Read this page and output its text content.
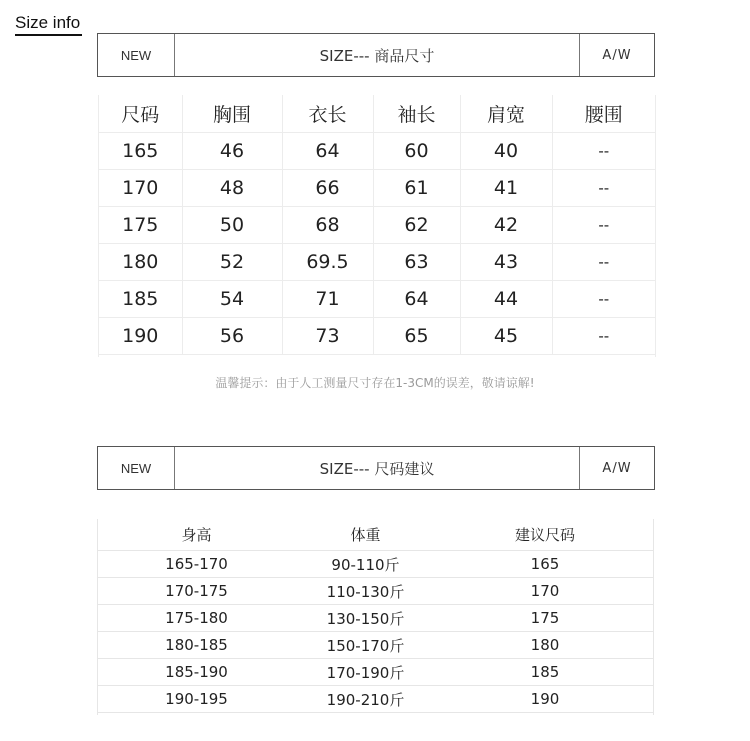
Size info
NEW	SIZE--- 商品尺寸	A/W
尺码	胸围	衣长	袖长	肩宽	腰围
165	46	64	60	40	--
170	48	66	61	41	--
175	50	68	62	42	--
180	52	69.5	63	43	--
185	54	71	64	44	--
190	56	73	65	45	--
温馨提示：由于人工测量尺寸存在1-3CM的误差，敬请谅解!
NEW	SIZE--- 尺码建议	A/W
身高	体重	建议尺码
165-170	90-110斤	165
170-175	110-130斤	170
175-180	130-150斤	175
180-185	150-170斤	180
185-190	170-190斤	185
190-195	190-210斤	190
